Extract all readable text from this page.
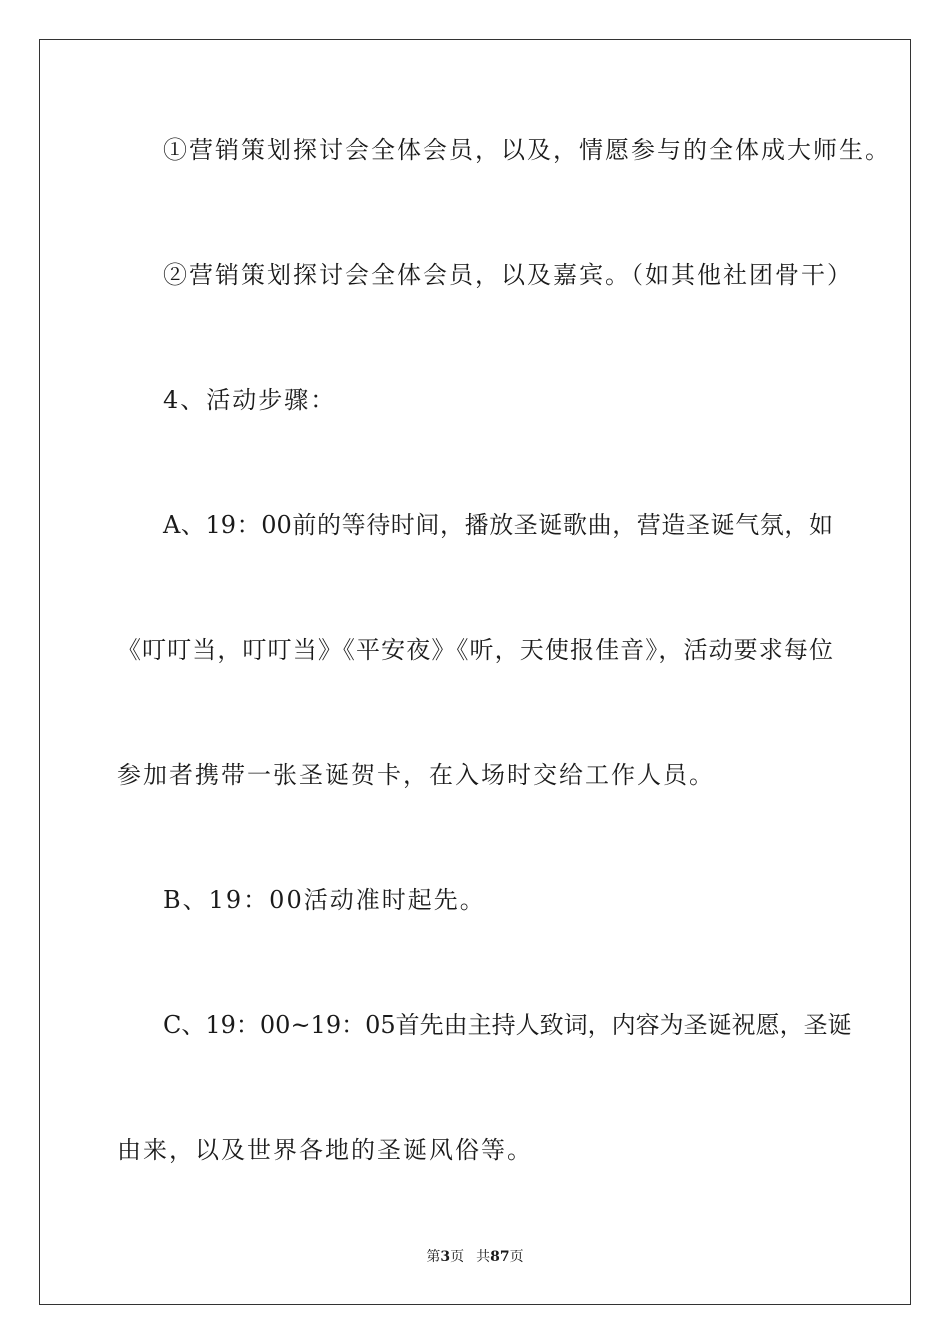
①营销策划探讨会全体会员，以及，情愿参与的全体成大师生。
②营销策划探讨会全体会员，以及嘉宾。（如其他社团骨干）
4、活动步骤：
A、19：00前的等待时间，播放圣诞歌曲，营造圣诞气氛，如
《叮叮当，叮叮当》《平安夜》《听，天使报佳音》，活动要求每位
参加者携带一张圣诞贺卡，在入场时交给工作人员。
B、19：00活动准时起先。
C、19：00~19：05首先由主持人致词，内容为圣诞祝愿，圣诞
由来，以及世界各地的圣诞风俗等。
第3页 共87页
